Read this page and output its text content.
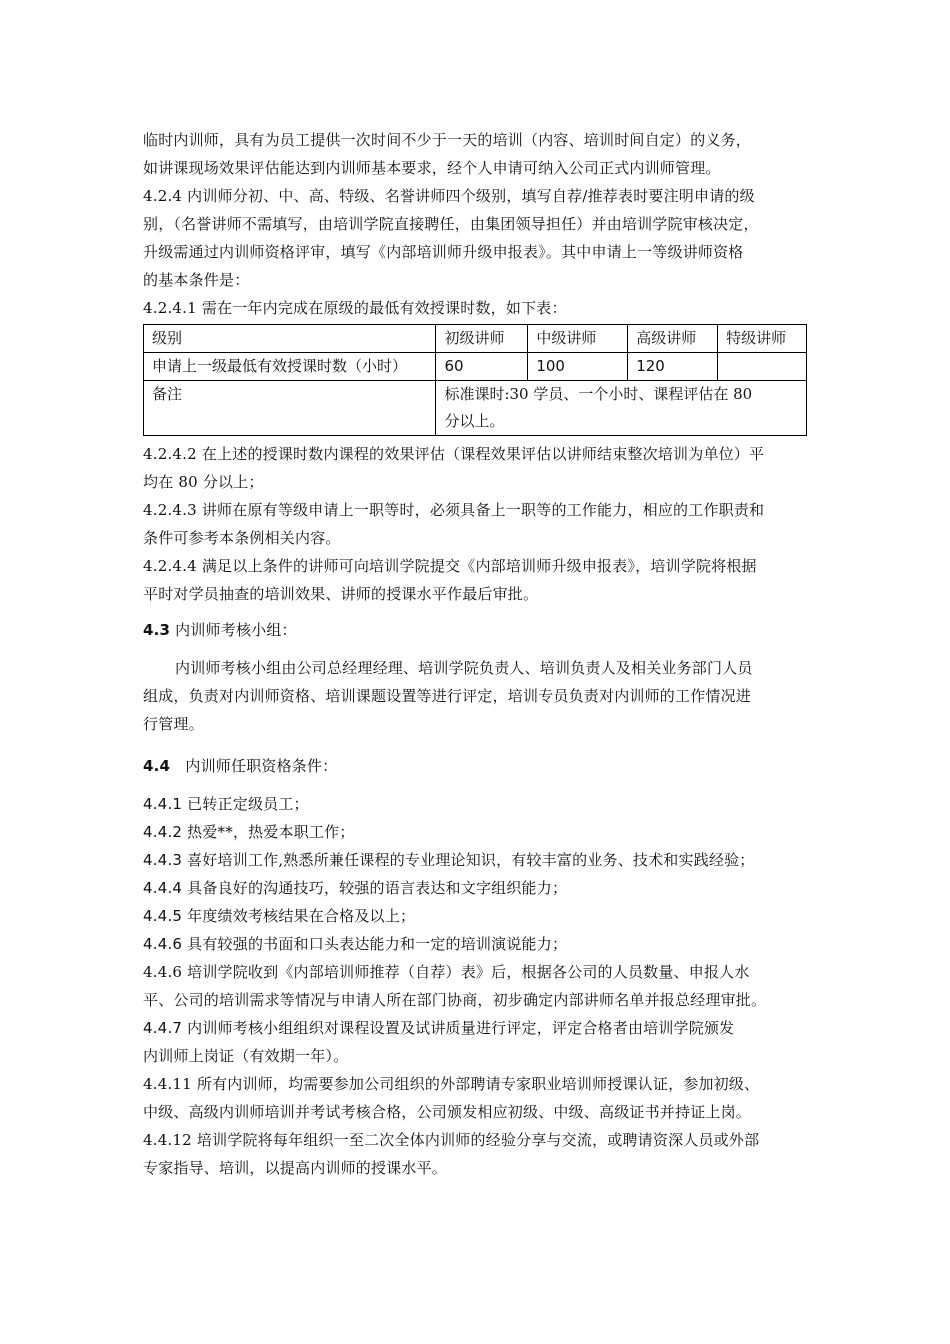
临时内训师，具有为员工提供一次时间不少于一天的培训（内容、培训时间自定）的义务，
如讲课现场效果评估能达到内训师基本要求，经个人申请可纳入公司正式内训师管理。

4.2.4 内训师分初、中、高、特级、名誉讲师四个级别，填写自荐/推荐表时要注明申请的级
别，（名誉讲师不需填写，由培训学院直接聘任，由集团领导担任）并由培训学院审核决定，
升级需通过内训师资格评审，填写《内部培训师升级申报表》。其中申请上一等级讲师资格
的基本条件是：

4.2.4.1 需在一年内完成在原级的最低有效授课时数，如下表：

级别	初级讲师	中级讲师	高级讲师	特级讲师
申请上一级最低有效授课时数（小时）	60	100	120	
备注	标准课时:30 学员、一个小时、课程评估在 80
分以上。			

4.2.4.2 在上述的授课时数内课程的效果评估（课程效果评估以讲师结束整次培训为单位）平
均在 80 分以上；

4.2.4.3 讲师在原有等级申请上一职等时，必须具备上一职等的工作能力，相应的工作职责和
条件可参考本条例相关内容。

4.2.4.4 满足以上条件的讲师可向培训学院提交《内部培训师升级申报表》，培训学院将根据
平时对学员抽查的培训效果、讲师的授课水平作最后审批。

4.3 内训师考核小组：

内训师考核小组由公司总经理经理、培训学院负责人、培训负责人及相关业务部门人员
组成，负责对内训师资格、培训课题设置等进行评定，培训专员负责对内训师的工作情况进
行管理。

4.4　内训师任职资格条件：

4.4.1 已转正定级员工；

4.4.2 热爱**，热爱本职工作；

4.4.3 喜好培训工作,熟悉所兼任课程的专业理论知识，有较丰富的业务、技术和实践经验；

4.4.4 具备良好的沟通技巧，较强的语言表达和文字组织能力；

4.4.5 年度绩效考核结果在合格及以上；

4.4.6 具有较强的书面和口头表达能力和一定的培训演说能力；

4.4.6 培训学院收到《内部培训师推荐（自荐）表》后，根据各公司的人员数量、申报人水
平、公司的培训需求等情况与申请人所在部门协商，初步确定内部讲师名单并报总经理审批。

4.4.7 内训师考核小组组织对课程设置及试讲质量进行评定，评定合格者由培训学院颁发
内训师上岗证（有效期一年）。

4.4.11 所有内训师，均需要参加公司组织的外部聘请专家职业培训师授课认证，参加初级、
中级、高级内训师培训并考试考核合格，公司颁发相应初级、中级、高级证书并持证上岗。

4.4.12 培训学院将每年组织一至二次全体内训师的经验分享与交流，或聘请资深人员或外部
专家指导、培训，以提高内训师的授课水平。
